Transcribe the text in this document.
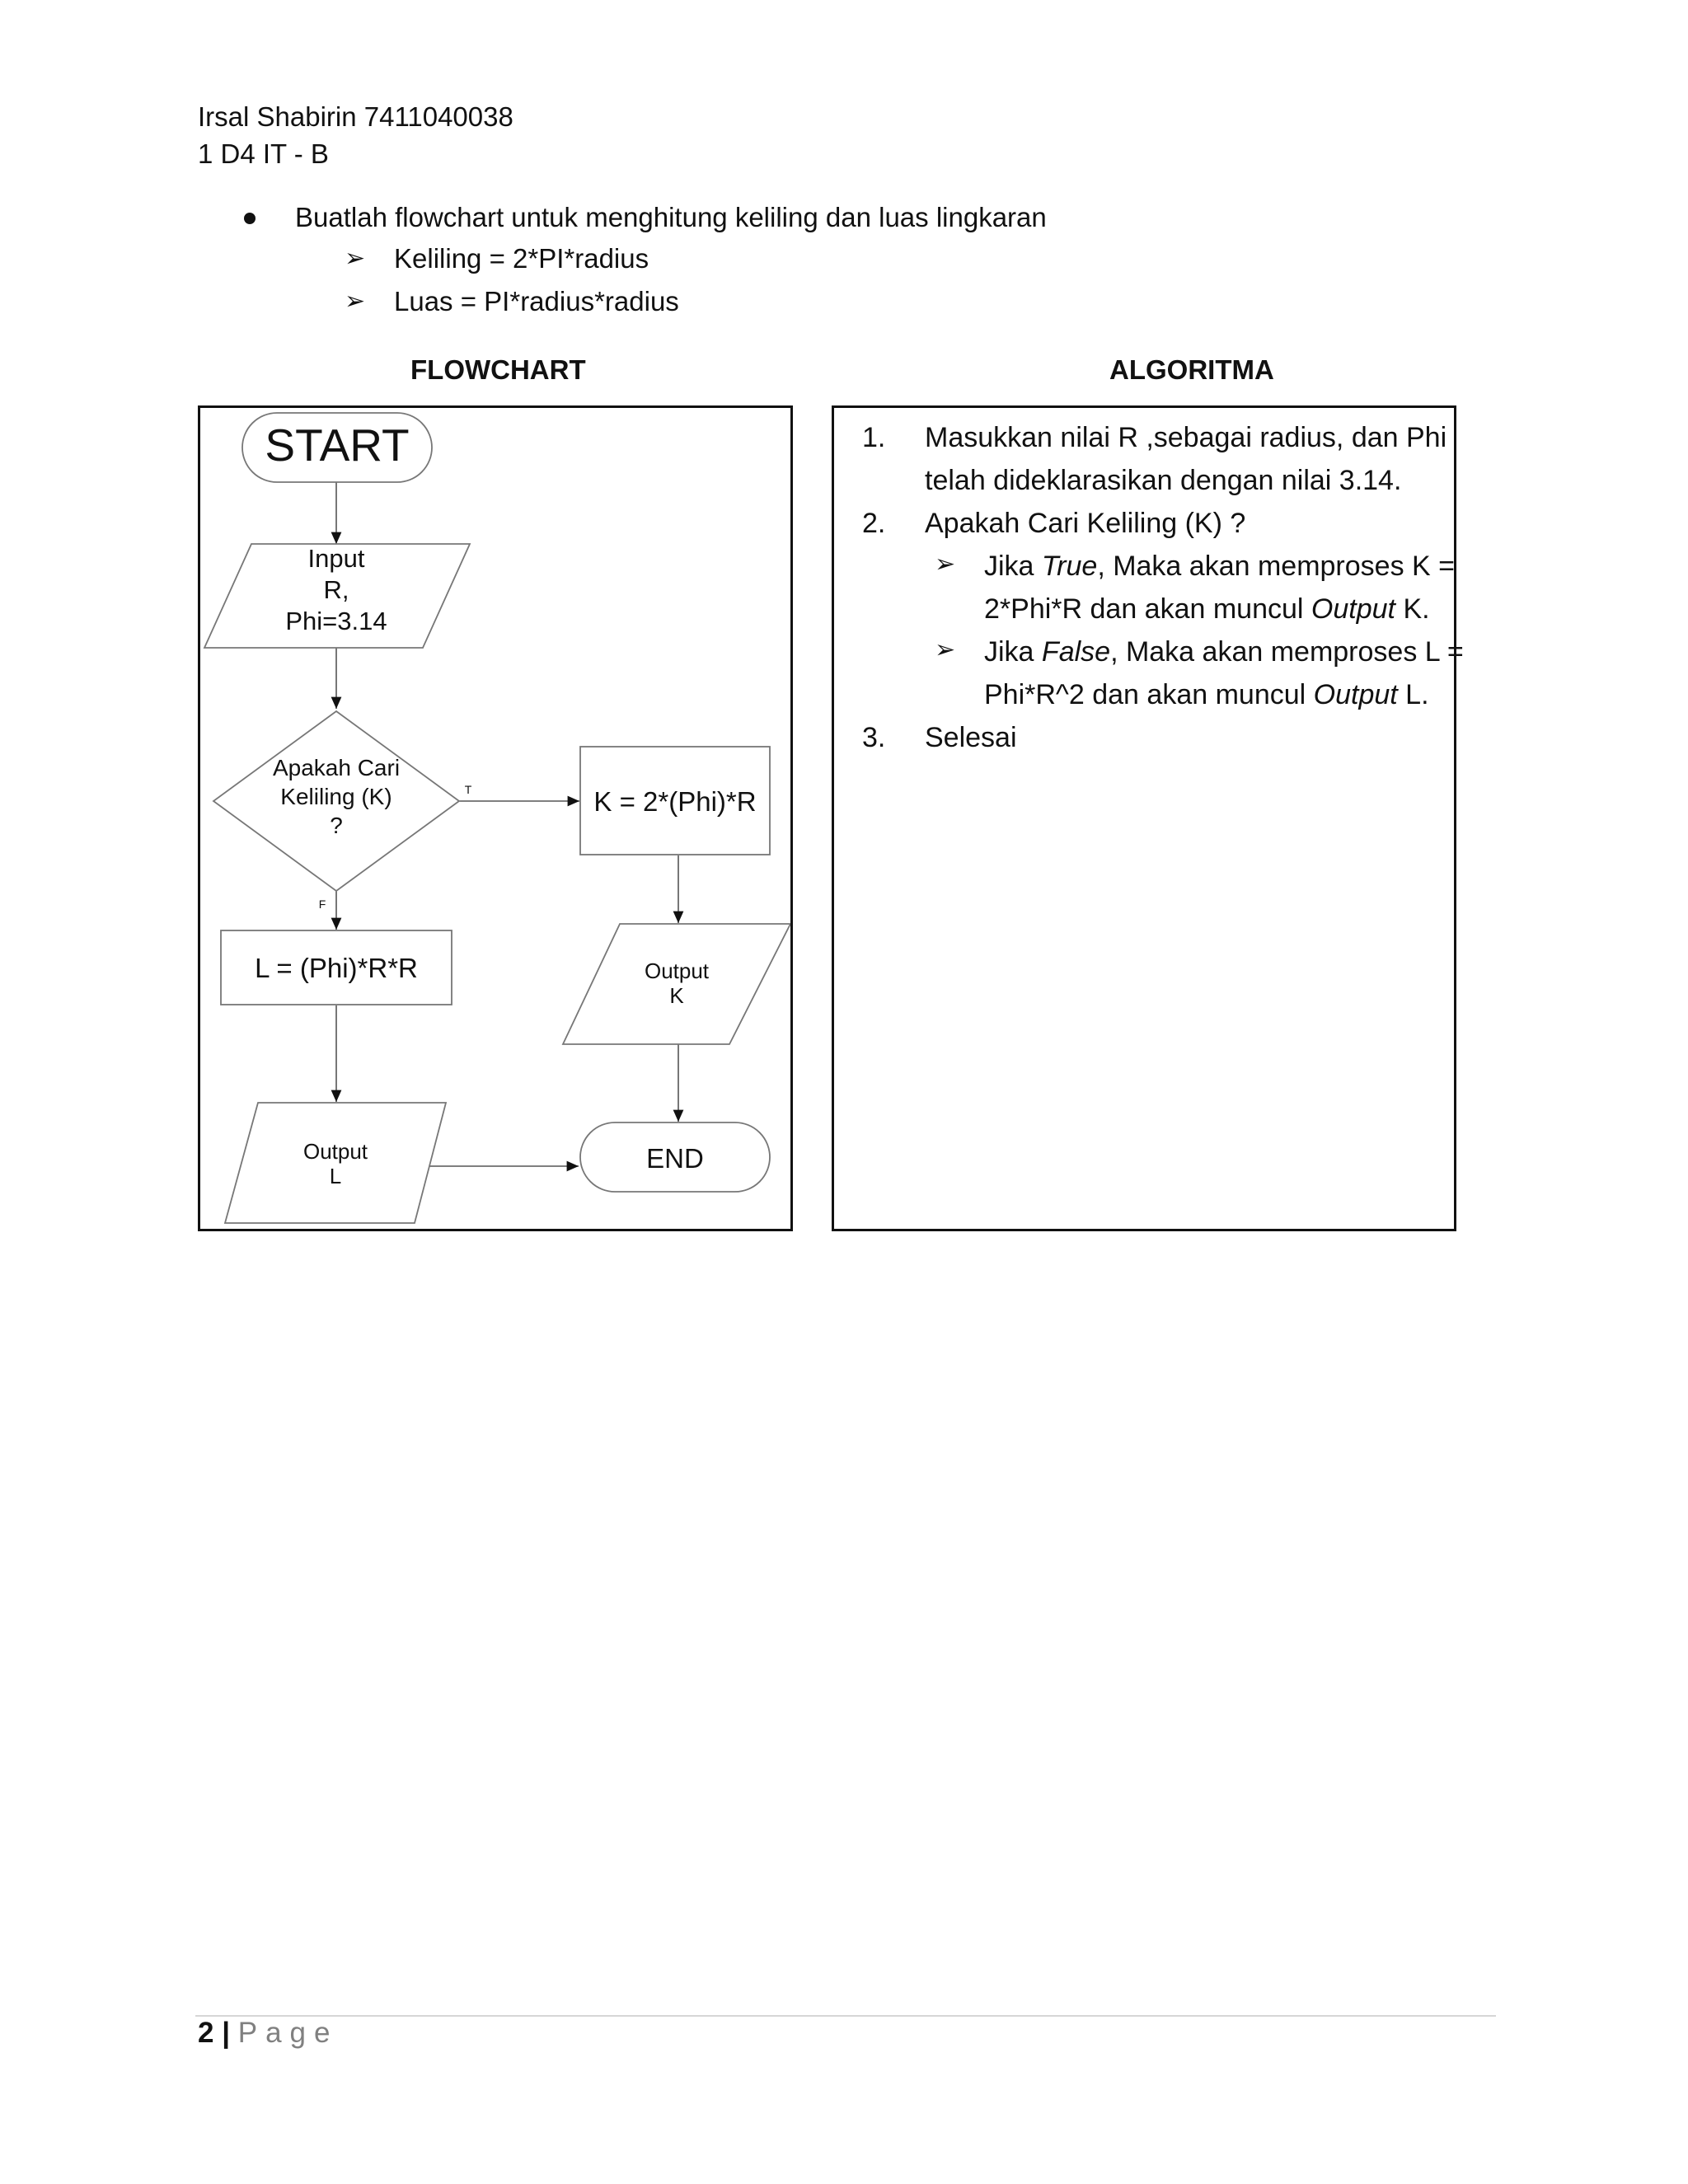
Irsal Shabirin 7411040038
1 D4 IT - B
Buatlah flowchart untuk menghitung keliling dan luas lingkaran
➢ Keliling = 2*PI*radius
➢ Luas = PI*radius*radius
FLOWCHART	ALGORITMA
START
Input
R,
Phi=3.14
Apakah Cari
Keliling (K)
?
T
F
K = 2*(Phi)*R
L = (Phi)*R*R	Output
K
Output
L
END
1. Masukkan nilai R ,sebagai radius, dan Phi
telah dideklarasikan dengan nilai 3.14.
2. Apakah Cari Keliling (K) ?
➢ Jika True, Maka akan memproses K =
2*Phi*R dan akan muncul Output K.
➢ Jika False, Maka akan memproses L =
Phi*R^2 dan akan muncul Output L.
3. Selesai
2 | Page
